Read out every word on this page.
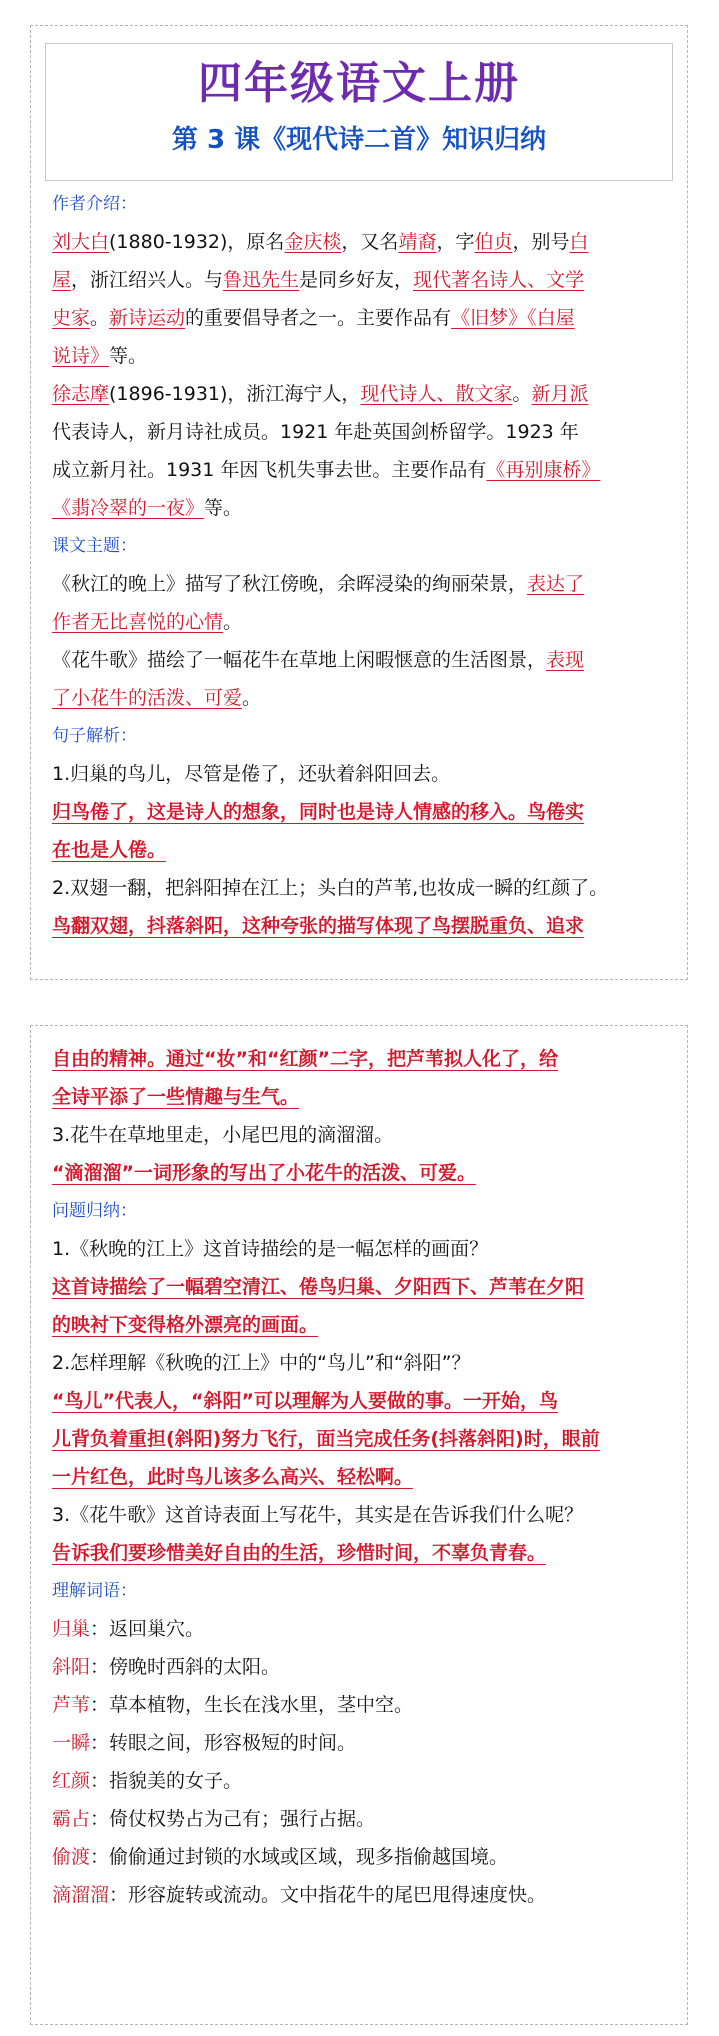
四年级语文上册
第 3 课《现代诗二首》知识归纳
作者介绍：
刘大白(1880-1932)，原名金庆棪，又名靖裔，字伯贞，别号白
屋，浙江绍兴人。与鲁迅先生是同乡好友，现代著名诗人、文学
史家。新诗运动的重要倡导者之一。主要作品有《旧梦》《白屋
说诗》等。
徐志摩(1896-1931)，浙江海宁人，现代诗人、散文家。新月派
代表诗人，新月诗社成员。1921 年赴英国剑桥留学。1923 年
成立新月社。1931 年因飞机失事去世。主要作品有《再别康桥》
《翡冷翠的一夜》等。
课文主题：
《秋江的晚上》描写了秋江傍晚，余晖浸染的绚丽荣景，表达了
作者无比喜悦的心情。
《花牛歌》描绘了一幅花牛在草地上闲暇惬意的生活图景，表现
了小花牛的活泼、可爱。
句子解析：
1.归巢的鸟儿，尽管是倦了，还驮着斜阳回去。
归鸟倦了，这是诗人的想象，同时也是诗人情感的移入。鸟倦实
在也是人倦。
2.双翅一翻，把斜阳掉在江上；头白的芦苇,也妆成一瞬的红颜了。
鸟翻双翅，抖落斜阳，这种夸张的描写体现了鸟摆脱重负、追求
自由的精神。通过“妆”和“红颜”二字，把芦苇拟人化了，给
全诗平添了一些情趣与生气。
3.花牛在草地里走，小尾巴甩的滴溜溜。
“滴溜溜”一词形象的写出了小花牛的活泼、可爱。
问题归纳：
1.《秋晚的江上》这首诗描绘的是一幅怎样的画面？
这首诗描绘了一幅碧空清江、倦鸟归巢、夕阳西下、芦苇在夕阳
的映衬下变得格外漂亮的画面。
2.怎样理解《秋晚的江上》中的“鸟儿”和“斜阳”？
“鸟儿”代表人，“斜阳”可以理解为人要做的事。一开始，鸟
儿背负着重担(斜阳)努力飞行，面当完成任务(抖落斜阳)时，眼前
一片红色，此时鸟儿该多么高兴、轻松啊。
3.《花牛歌》这首诗表面上写花牛，其实是在告诉我们什么呢？
告诉我们要珍惜美好自由的生活，珍惜时间，不辜负青春。
理解词语：
归巢：返回巢穴。
斜阳：傍晚时西斜的太阳。
芦苇：草本植物，生长在浅水里，茎中空。
一瞬：转眼之间，形容极短的时间。
红颜：指貌美的女子。
霸占：倚仗权势占为己有；强行占据。
偷渡：偷偷通过封锁的水域或区域，现多指偷越国境。
滴溜溜：形容旋转或流动。文中指花牛的尾巴甩得速度快。
